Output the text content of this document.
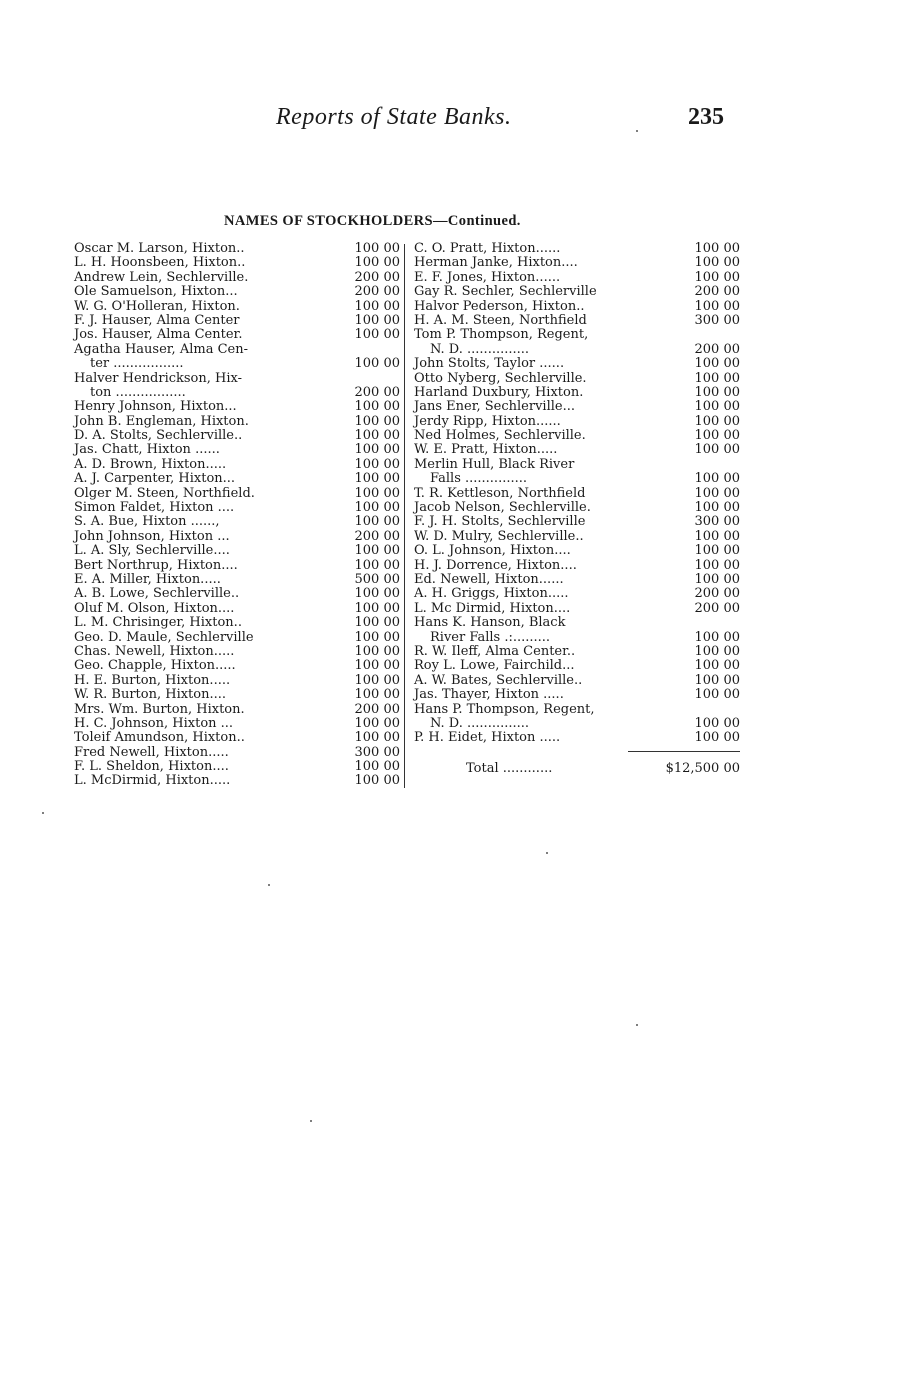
Reports of State Banks.	235
NAMES OF STOCKHOLDERS—Continued.
Oscar M. Larson, Hixton..	100 00
L. H. Hoonsbeen, Hixton..	100 00
Andrew Lein, Sechlerville.	200 00
Ole Samuelson, Hixton...	200 00
W. G. O'Holleran, Hixton.	100 00
F. J. Hauser, Alma Center	100 00
Jos. Hauser, Alma Center.	100 00
Agatha Hauser, Alma Cen-
ter .................	100 00
Halver Hendrickson, Hix-
ton .................	200 00
Henry Johnson, Hixton...	100 00
John B. Engleman, Hixton.	100 00
D. A. Stolts, Sechlerville..	100 00
Jas. Chatt, Hixton ......	100 00
A. D. Brown, Hixton.....	100 00
A. J. Carpenter, Hixton...	100 00
Olger M. Steen, Northfield.	100 00
Simon Faldet, Hixton ....	100 00
S. A. Bue, Hixton ......,	100 00
John Johnson, Hixton ...	200 00
L. A. Sly, Sechlerville....	100 00
Bert Northrup, Hixton....	100 00
E. A. Miller, Hixton.....	500 00
A. B. Lowe, Sechlerville..	100 00
Oluf M. Olson, Hixton....	100 00
L. M. Chrisinger, Hixton..	100 00
Geo. D. Maule, Sechlerville	100 00
Chas. Newell, Hixton.....	100 00
Geo. Chapple, Hixton.....	100 00
H. E. Burton, Hixton.....	100 00
W. R. Burton, Hixton....	100 00
Mrs. Wm. Burton, Hixton.	200 00
H. C. Johnson, Hixton ...	100 00
Toleif Amundson, Hixton..	100 00
Fred Newell, Hixton.....	300 00
F. L. Sheldon, Hixton....	100 00
L. McDirmid, Hixton.....	100 00
C. O. Pratt, Hixton......	100 00
Herman Janke, Hixton....	100 00
E. F. Jones, Hixton......	100 00
Gay R. Sechler, Sechlerville	200 00
Halvor Pederson, Hixton..	100 00
H. A. M. Steen, Northfield	300 00
Tom P. Thompson, Regent,
N. D. ...............	200 00
John Stolts, Taylor ......	100 00
Otto Nyberg, Sechlerville.	100 00
Harland Duxbury, Hixton.	100 00
Jans Ener, Sechlerville...	100 00
Jerdy Ripp, Hixton......	100 00
Ned Holmes, Sechlerville.	100 00
W. E. Pratt, Hixton.....	100 00
Merlin Hull, Black River
Falls ...............	100 00
T. R. Kettleson, Northfield	100 00
Jacob Nelson, Sechlerville.	100 00
F. J. H. Stolts, Sechlerville	300 00
W. D. Mulry, Sechlerville..	100 00
O. L. Johnson, Hixton....	100 00
H. J. Dorrence, Hixton....	100 00
Ed. Newell, Hixton......	100 00
A. H. Griggs, Hixton.....	200 00
L. Mc Dirmid, Hixton....	200 00
Hans K. Hanson, Black
River Falls .:.........	100 00
R. W. Ileff, Alma Center..	100 00
Roy L. Lowe, Fairchild...	100 00
A. W. Bates, Sechlerville..	100 00
Jas. Thayer, Hixton .....	100 00
Hans P. Thompson, Regent,
N. D. ...............	100 00
P. H. Eidet, Hixton .....	100 00
Total ............	$12,500 00
